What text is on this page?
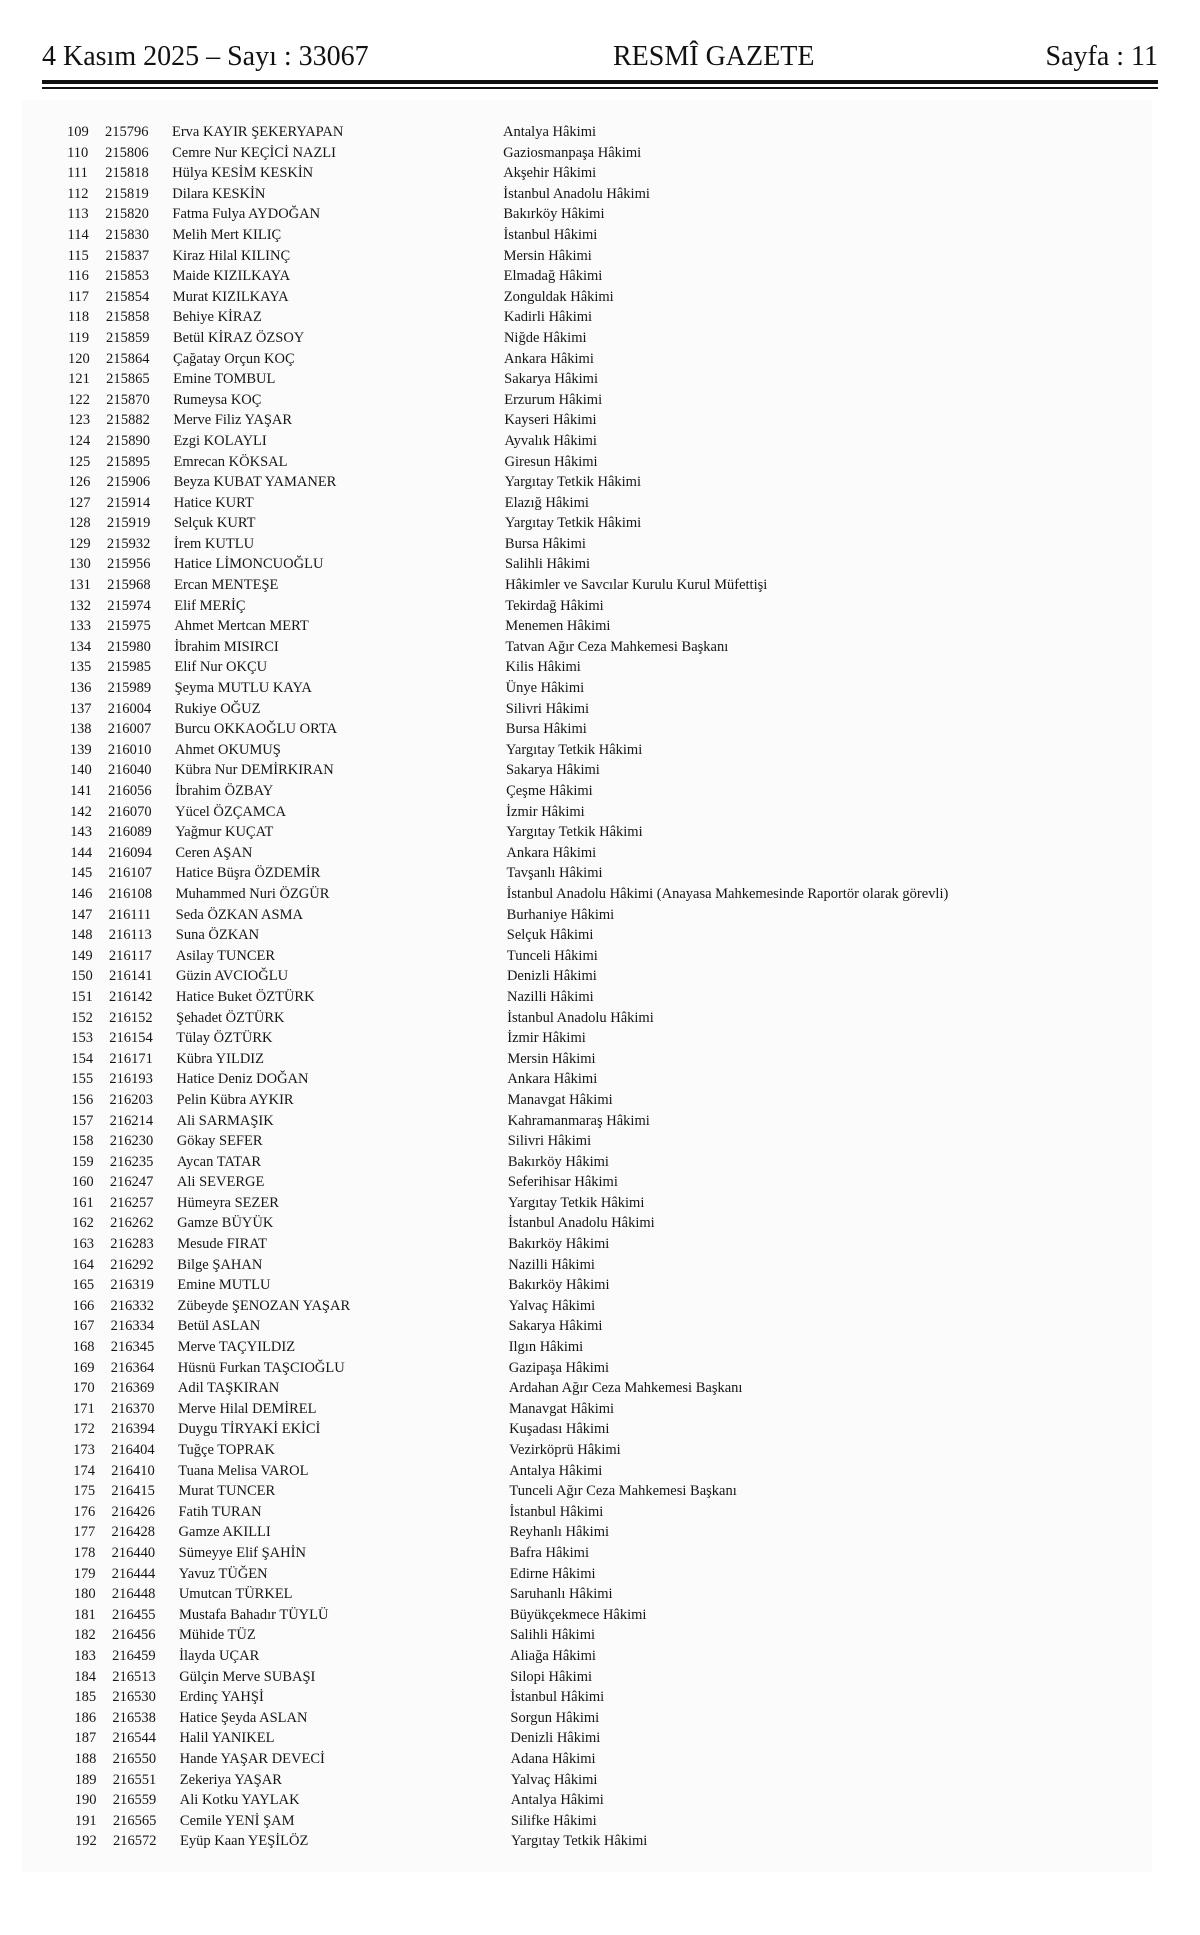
4 Kasım 2025 – Sayı : 33067	RESMÎ GAZETE	Sayfa : 11
109 215796 Erva KAYIR ŞEKERYAPAN	Antalya Hâkimi
110 215806 Cemre Nur KEÇİCİ NAZLI	Gaziosmanpaşa Hâkimi
111 215818 Hülya KESİM KESKİN	Akşehir Hâkimi
112 215819 Dilara KESKİN	İstanbul Anadolu Hâkimi
113 215820 Fatma Fulya AYDOĞAN	Bakırköy Hâkimi
114 215830 Melih Mert KILIÇ	İstanbul Hâkimi
115 215837 Kiraz Hilal KILINÇ	Mersin Hâkimi
116 215853 Maide KIZILKAYA	Elmadağ Hâkimi
117 215854 Murat KIZILKAYA	Zonguldak Hâkimi
118 215858 Behiye KİRAZ	Kadirli Hâkimi
119 215859 Betül KİRAZ ÖZSOY	Niğde Hâkimi
120 215864 Çağatay Orçun KOÇ	Ankara Hâkimi
121 215865 Emine TOMBUL	Sakarya Hâkimi
122 215870 Rumeysa KOÇ	Erzurum Hâkimi
123 215882 Merve Filiz YAŞAR	Kayseri Hâkimi
124 215890 Ezgi KOLAYLI	Ayvalık Hâkimi
125 215895 Emrecan KÖKSAL	Giresun Hâkimi
126 215906 Beyza KUBAT YAMANER	Yargıtay Tetkik Hâkimi
127 215914 Hatice KURT	Elazığ Hâkimi
128 215919 Selçuk KURT	Yargıtay Tetkik Hâkimi
129 215932 İrem KUTLU	Bursa Hâkimi
130 215956 Hatice LİMONCUOĞLU	Salihli Hâkimi
131 215968 Ercan MENTEŞE	Hâkimler ve Savcılar Kurulu Kurul Müfettişi
132 215974 Elif MERİÇ	Tekirdağ Hâkimi
133 215975 Ahmet Mertcan MERT	Menemen Hâkimi
134 215980 İbrahim MISIRCI	Tatvan Ağır Ceza Mahkemesi Başkanı
135 215985 Elif Nur OKÇU	Kilis Hâkimi
136 215989 Şeyma MUTLU KAYA	Ünye Hâkimi
137 216004 Rukiye OĞUZ	Silivri Hâkimi
138 216007 Burcu OKKAOĞLU ORTA	Bursa Hâkimi
139 216010 Ahmet OKUMUŞ	Yargıtay Tetkik Hâkimi
140 216040 Kübra Nur DEMİRKIRAN	Sakarya Hâkimi
141 216056 İbrahim ÖZBAY	Çeşme Hâkimi
142 216070 Yücel ÖZÇAMCA	İzmir Hâkimi
143 216089 Yağmur KUÇAT	Yargıtay Tetkik Hâkimi
144 216094 Ceren AŞAN	Ankara Hâkimi
145 216107 Hatice Büşra ÖZDEMİR	Tavşanlı Hâkimi
146 216108 Muhammed Nuri ÖZGÜR	İstanbul Anadolu Hâkimi (Anayasa Mahkemesinde Raportör olarak görevli)
147 216111 Seda ÖZKAN ASMA	Burhaniye Hâkimi
148 216113 Suna ÖZKAN	Selçuk Hâkimi
149 216117 Asilay TUNCER	Tunceli Hâkimi
150 216141 Güzin AVCIOĞLU	Denizli Hâkimi
151 216142 Hatice Buket ÖZTÜRK	Nazilli Hâkimi
152 216152 Şehadet ÖZTÜRK	İstanbul Anadolu Hâkimi
153 216154 Tülay ÖZTÜRK	İzmir Hâkimi
154 216171 Kübra YILDIZ	Mersin Hâkimi
155 216193 Hatice Deniz DOĞAN	Ankara Hâkimi
156 216203 Pelin Kübra AYKIR	Manavgat Hâkimi
157 216214 Ali SARMAŞIK	Kahramanmaraş Hâkimi
158 216230 Gökay SEFER	Silivri Hâkimi
159 216235 Aycan TATAR	Bakırköy Hâkimi
160 216247 Ali SEVERGE	Seferihisar Hâkimi
161 216257 Hümeyra SEZER	Yargıtay Tetkik Hâkimi
162 216262 Gamze BÜYÜK	İstanbul Anadolu Hâkimi
163 216283 Mesude FIRAT	Bakırköy Hâkimi
164 216292 Bilge ŞAHAN	Nazilli Hâkimi
165 216319 Emine MUTLU	Bakırköy Hâkimi
166 216332 Zübeyde ŞENOZAN YAŞAR	Yalvaç Hâkimi
167 216334 Betül ASLAN	Sakarya Hâkimi
168 216345 Merve TAÇYILDIZ	Ilgın Hâkimi
169 216364 Hüsnü Furkan TAŞCIOĞLU	Gazipaşa Hâkimi
170 216369 Adil TAŞKIRAN	Ardahan Ağır Ceza Mahkemesi Başkanı
171 216370 Merve Hilal DEMİREL	Manavgat Hâkimi
172 216394 Duygu TİRYAKİ EKİCİ	Kuşadası Hâkimi
173 216404 Tuğçe TOPRAK	Vezirköprü Hâkimi
174 216410 Tuana Melisa VAROL	Antalya Hâkimi
175 216415 Murat TUNCER	Tunceli Ağır Ceza Mahkemesi Başkanı
176 216426 Fatih TURAN	İstanbul Hâkimi
177 216428 Gamze AKILLI	Reyhanlı Hâkimi
178 216440 Sümeyye Elif ŞAHİN	Bafra Hâkimi
179 216444 Yavuz TÜĞEN	Edirne Hâkimi
180 216448 Umutcan TÜRKEL	Saruhanlı Hâkimi
181 216455 Mustafa Bahadır TÜYLÜ	Büyükçekmece Hâkimi
182 216456 Mühide TÜZ	Salihli Hâkimi
183 216459 İlayda UÇAR	Aliağa Hâkimi
184 216513 Gülçin Merve SUBAŞI	Silopi Hâkimi
185 216530 Erdinç YAHŞİ	İstanbul Hâkimi
186 216538 Hatice Şeyda ASLAN	Sorgun Hâkimi
187 216544 Halil YANIKEL	Denizli Hâkimi
188 216550 Hande YAŞAR DEVECİ	Adana Hâkimi
189 216551 Zekeriya YAŞAR	Yalvaç Hâkimi
190 216559 Ali Kotku YAYLAK	Antalya Hâkimi
191 216565 Cemile YENİ ŞAM	Silifke Hâkimi
192 216572 Eyüp Kaan YEŞİLÖZ	Yargıtay Tetkik Hâkimi
